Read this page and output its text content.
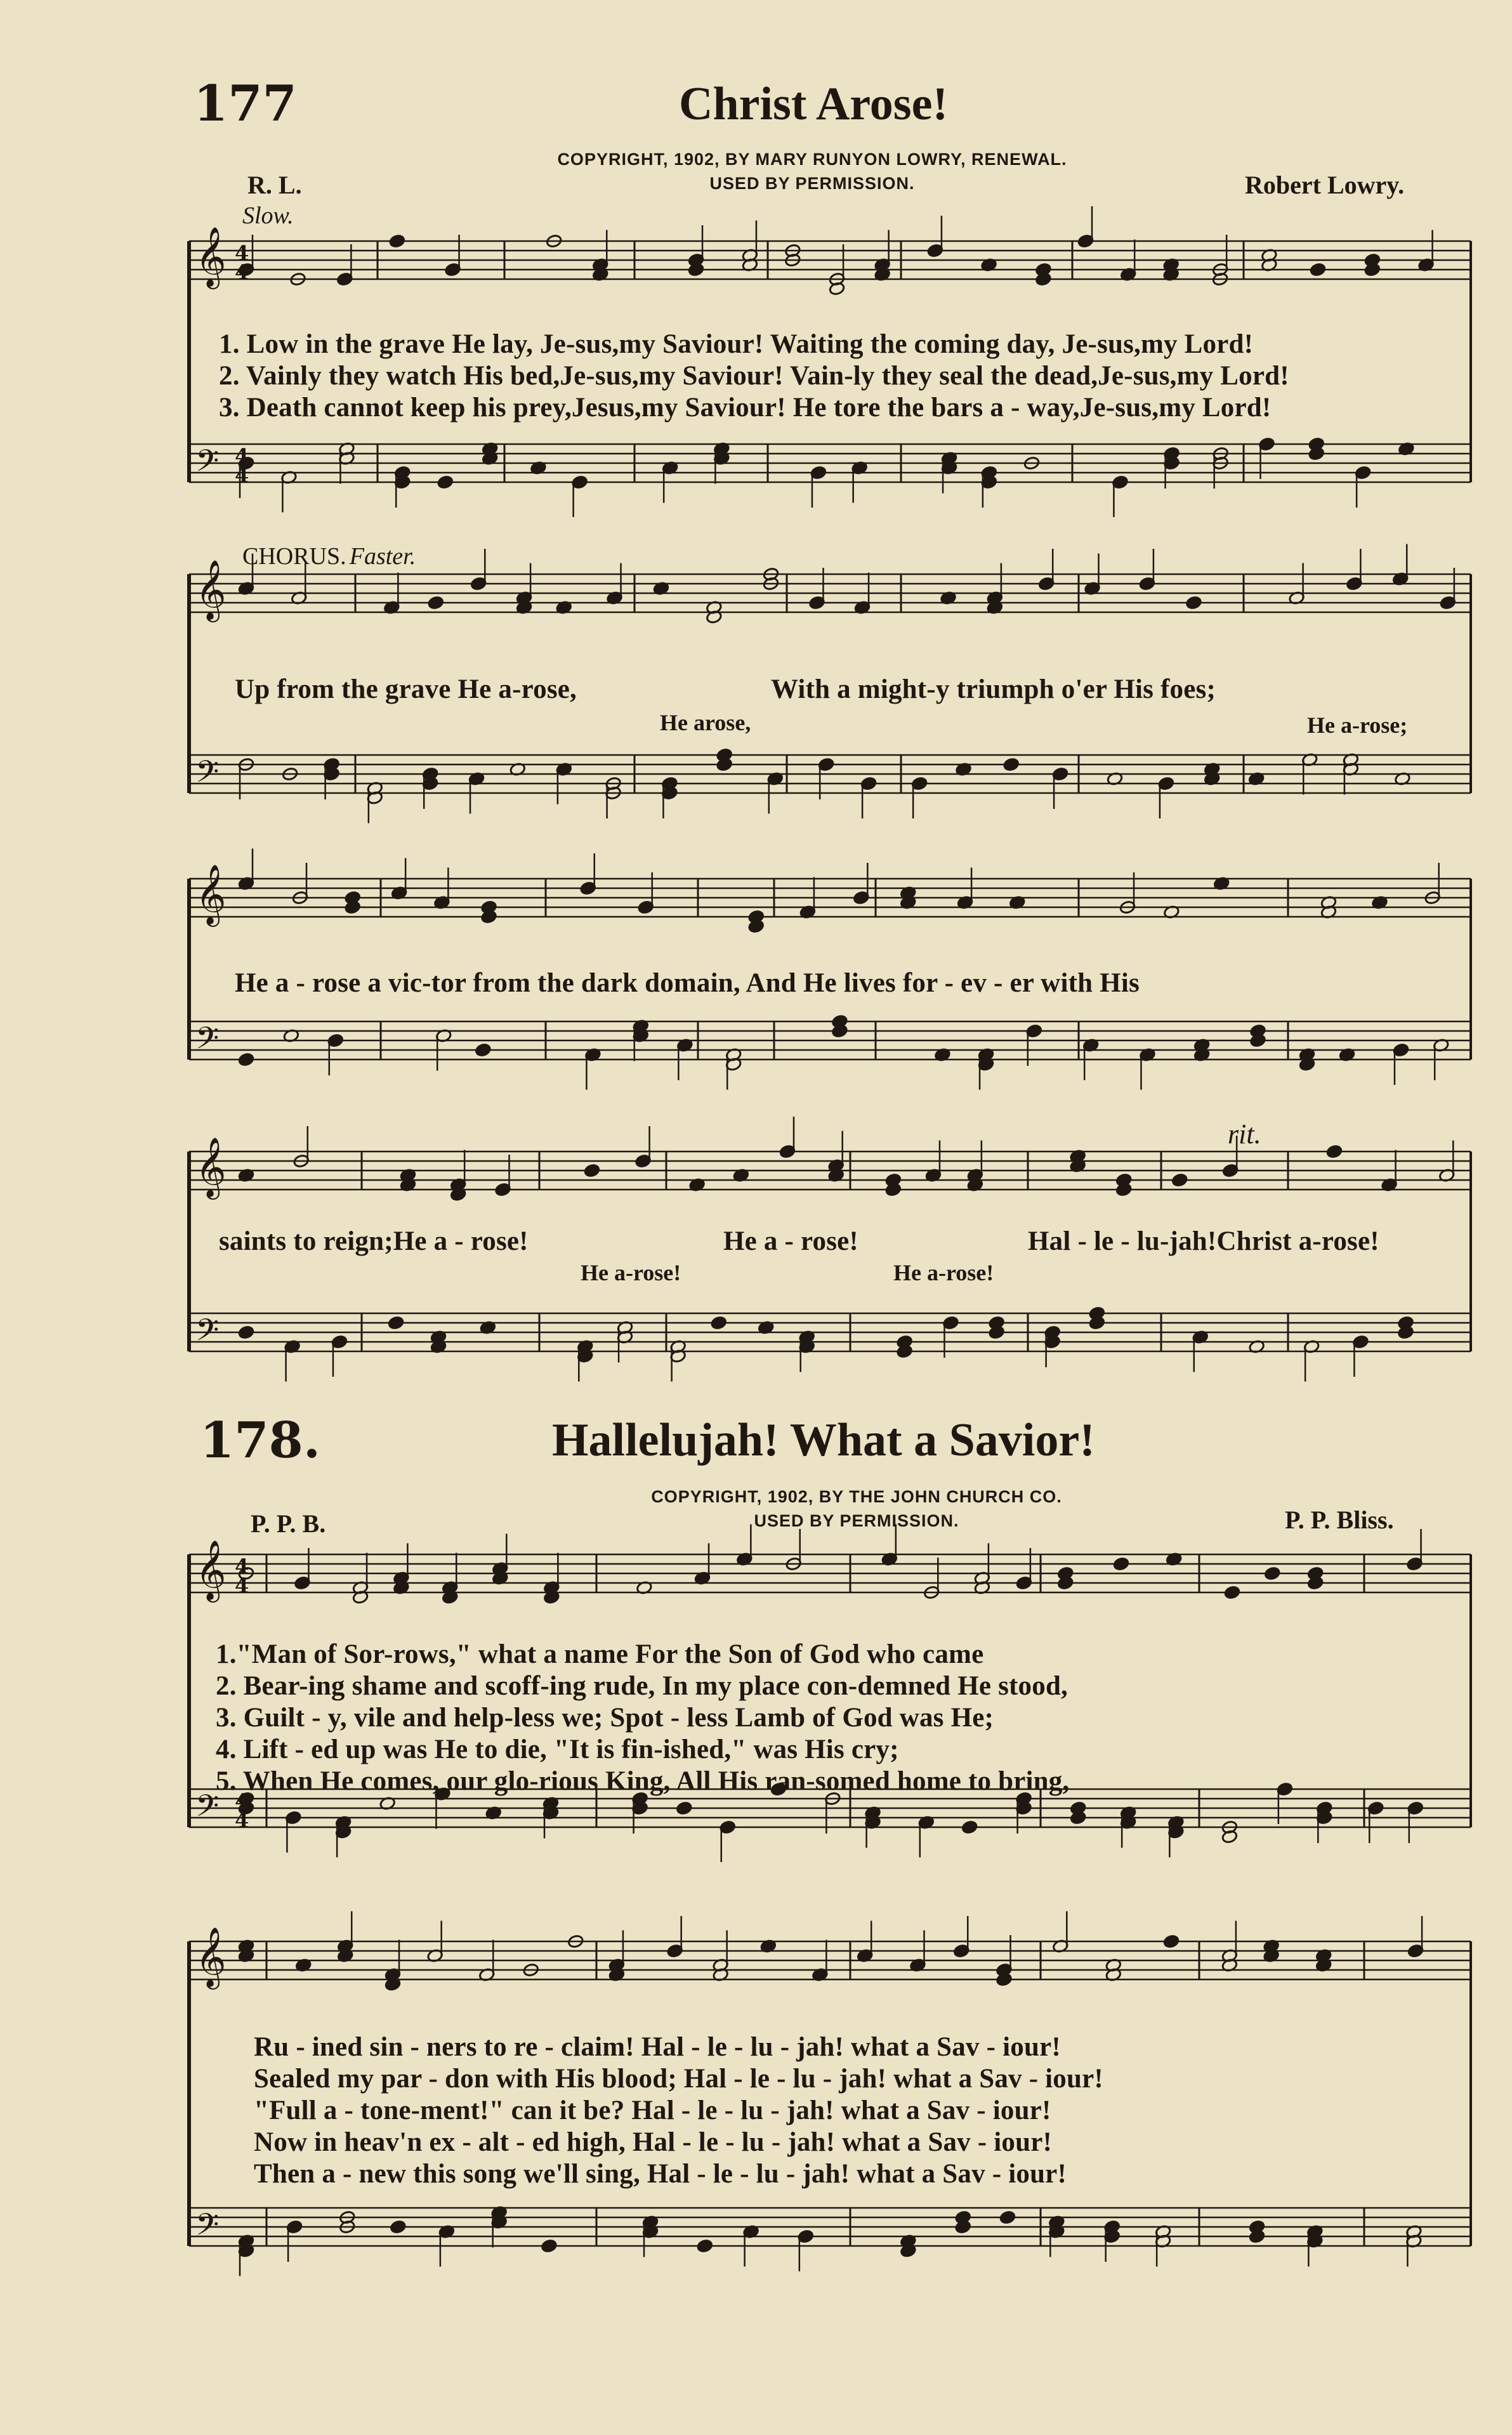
𝄞
𝄢
𝄞
𝄢
𝄞
𝄢
𝄞
𝄢
𝄞
𝄢
𝄞
𝄢
4
4
4
4
4
4
4
4
177	Christ Arose!
COPYRIGHT, 1902, BY MARY RUNYON LOWRY, RENEWAL.
USED BY PERMISSION.
R. L.	Robert Lowry.
Slow.
1. Low in the grave He lay, Je-sus,my Saviour! Waiting the coming day, Je-sus,my Lord!
2. Vainly they watch His bed,Je-sus,my Saviour! Vain-ly they seal the dead,Je-sus,my Lord!
3. Death cannot keep his prey,Jesus,my Saviour! He tore the bars a - way,Je-sus,my Lord!
CHORUS. Faster.
Up from the grave He a-rose,	With a might-y triumph o'er His foes;
He arose,	He a-rose;
He a - rose a vic-tor from the dark domain, And He lives for - ev - er with His
rit.
saints to reign;He a - rose!	He a - rose!	Hal - le - lu-jah!Christ a-rose!
He a-rose!	He a-rose!
178.	Hallelujah! What a Savior!
COPYRIGHT, 1902, BY THE JOHN CHURCH CO.
USED BY PERMISSION.
P. P. B.	P. P. Bliss.
1."Man of Sor-rows," what a name For the Son of God who came
2. Bear-ing shame and scoff-ing rude, In my place con-demned He stood,
3. Guilt - y, vile and help-less we; Spot - less Lamb of God was He;
4. Lift - ed up was He to die, "It is fin-ished," was His cry;
5. When He comes, our glo-rious King, All His ran-somed home to bring,
Ru - ined sin - ners to re - claim! Hal - le - lu - jah! what a Sav - iour!
Sealed my par - don with His blood; Hal - le - lu - jah! what a Sav - iour!
"Full a - tone-ment!" can it be? Hal - le - lu - jah! what a Sav - iour!
Now in heav'n ex - alt - ed high, Hal - le - lu - jah! what a Sav - iour!
Then a - new this song we'll sing, Hal - le - lu - jah! what a Sav - iour!
